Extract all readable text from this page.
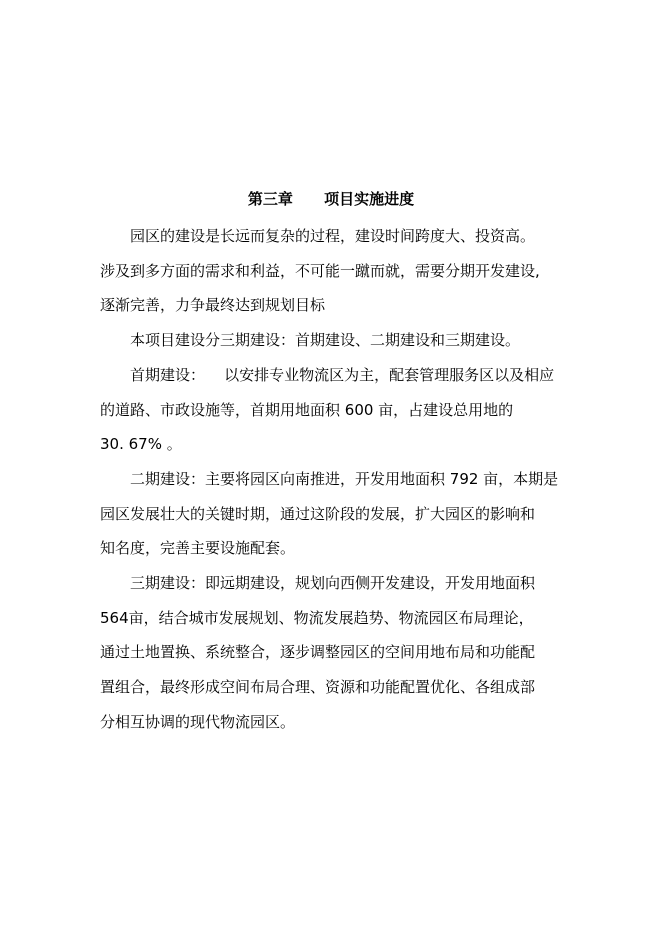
第三章      项目实施进度
园区的建设是长远而复杂的过程，建设时间跨度大、投资高。
涉及到多方面的需求和利益，不可能一蹴而就，需要分期开发建设,
逐渐完善，力争最终达到规划目标
本项目建设分三期建设：首期建设、二期建设和三期建设。
首期建设：    以安排专业物流区为主，配套管理服务区以及相应
的道路、市政设施等，首期用地面积 600 亩，占建设总用地的
30. 67% 。
二期建设：主要将园区向南推进，开发用地面积 792 亩，本期是
园区发展壮大的关键时期，通过这阶段的发展，扩大园区的影响和
知名度，完善主要设施配套。
三期建设：即远期建设，规划向西侧开发建设，开发用地面积
564亩，结合城市发展规划、物流发展趋势、物流园区布局理论，
通过土地置换、系统整合，逐步调整园区的空间用地布局和功能配
置组合，最终形成空间布局合理、资源和功能配置优化、各组成部
分相互协调的现代物流园区。
